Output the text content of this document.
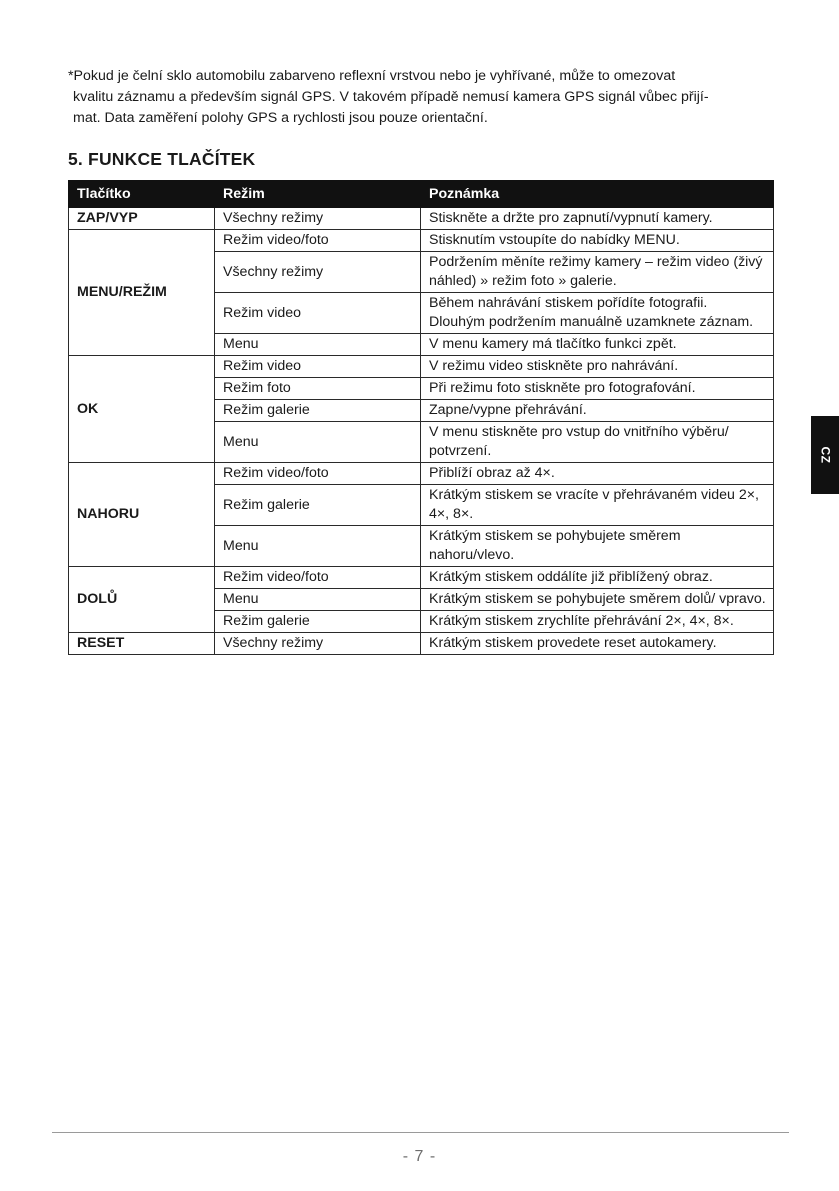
*Pokud je čelní sklo automobilu zabarveno reflexní vrstvou nebo je vyhřívané, může to omezovat
kvalitu záznamu a především signál GPS. V takovém případě nemusí kamera GPS signál vůbec přijí-
mat. Data zaměření polohy GPS a rychlosti jsou pouze orientační.
5. FUNKCE TLAČÍTEK
Tlačítko	Režim	Poznámka
ZAP/VYP	Všechny režimy	Stiskněte a držte pro zapnutí/vypnutí kamery.
MENU/REŽIM	Režim video/foto	Stisknutím vstoupíte do nabídky MENU.
	Všechny režimy	Podržením měníte režimy kamery – režim video (živý náhled) » režim foto » galerie.
	Režim video	Během nahrávání stiskem pořídíte fotografii. Dlouhým podržením manuálně uzamknete záznam.
	Menu	V menu kamery má tlačítko funkci zpět.
OK	Režim video	V režimu video stiskněte pro nahrávání.
	Režim foto	Při režimu foto stiskněte pro fotografování.
	Režim galerie	Zapne/vypne přehrávání.
	Menu	V menu stiskněte pro vstup do vnitřního výběru/ potvrzení.
NAHORU	Režim video/foto	Přiblíží obraz až 4×.
	Režim galerie	Krátkým stiskem se vracíte v přehrávaném videu 2×, 4×, 8×.
	Menu	Krátkým stiskem se pohybujete směrem nahoru/vlevo.
DOLŮ	Režim video/foto	Krátkým stiskem oddálíte již přiblížený obraz.
	Menu	Krátkým stiskem se pohybujete směrem dolů/ vpravo.
	Režim galerie	Krátkým stiskem zrychlíte přehrávání 2×, 4×, 8×.
RESET	Všechny režimy	Krátkým stiskem provedete reset autokamery.
CZ
- 7 -
